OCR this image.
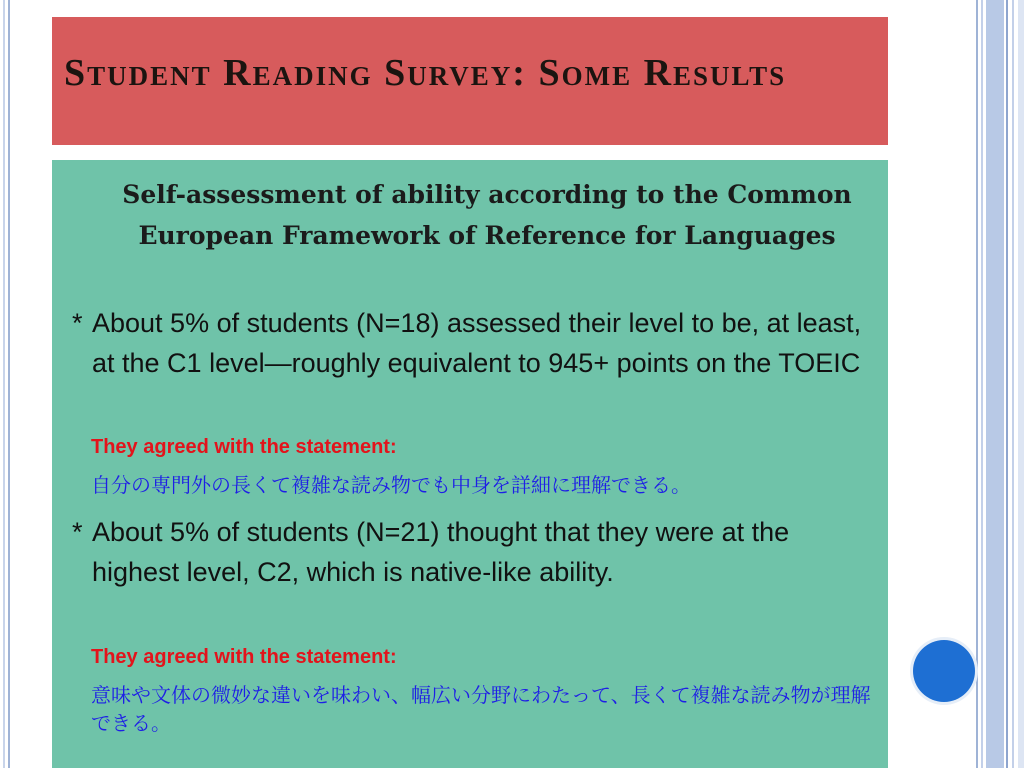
Student Reading Survey: Some Results
Self-assessment of ability according to the Common European Framework of Reference for Languages
* About 5% of students (N=18) assessed their level to be, at least, at the C1 level—roughly equivalent to 945+ points on the TOEIC
They agreed with the statement:
自分の専門外の長くて複雑な読み物でも中身を詳細に理解できる。
* About 5% of students (N=21) thought that they were at the highest level, C2, which is native-like ability.
They agreed with the statement:
意味や文体の微妙な違いを味わい、幅広い分野にわたって、長くて複雑な読み物が理解できる。
